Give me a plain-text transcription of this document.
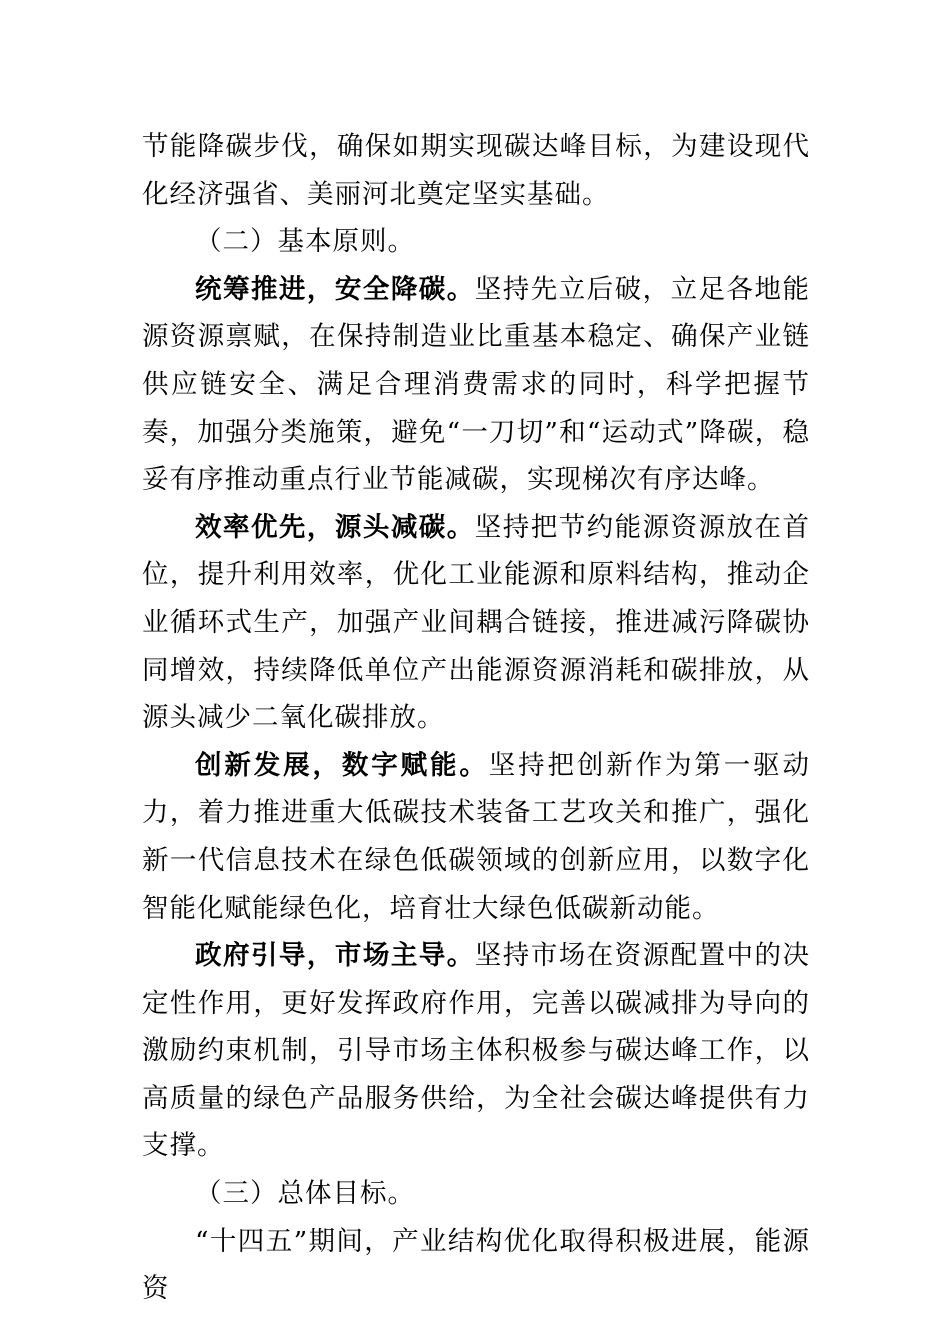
节能降碳步伐，确保如期实现碳达峰目标，为建设现代化经济强省、美丽河北奠定坚实基础。

（二）基本原则。

统筹推进，安全降碳。坚持先立后破，立足各地能源资源禀赋，在保持制造业比重基本稳定、确保产业链供应链安全、满足合理消费需求的同时，科学把握节奏，加强分类施策，避免“一刀切”和“运动式”降碳，稳妥有序推动重点行业节能减碳，实现梯次有序达峰。

效率优先，源头减碳。坚持把节约能源资源放在首位，提升利用效率，优化工业能源和原料结构，推动企业循环式生产，加强产业间耦合链接，推进减污降碳协同增效，持续降低单位产出能源资源消耗和碳排放，从源头减少二氧化碳排放。

创新发展，数字赋能。坚持把创新作为第一驱动力，着力推进重大低碳技术装备工艺攻关和推广，强化新一代信息技术在绿色低碳领域的创新应用，以数字化智能化赋能绿色化，培育壮大绿色低碳新动能。

政府引导，市场主导。坚持市场在资源配置中的决定性作用，更好发挥政府作用，完善以碳减排为导向的激励约束机制，引导市场主体积极参与碳达峰工作，以高质量的绿色产品服务供给，为全社会碳达峰提供有力支撑。

（三）总体目标。

“十四五”期间，产业结构优化取得积极进展，能源资
